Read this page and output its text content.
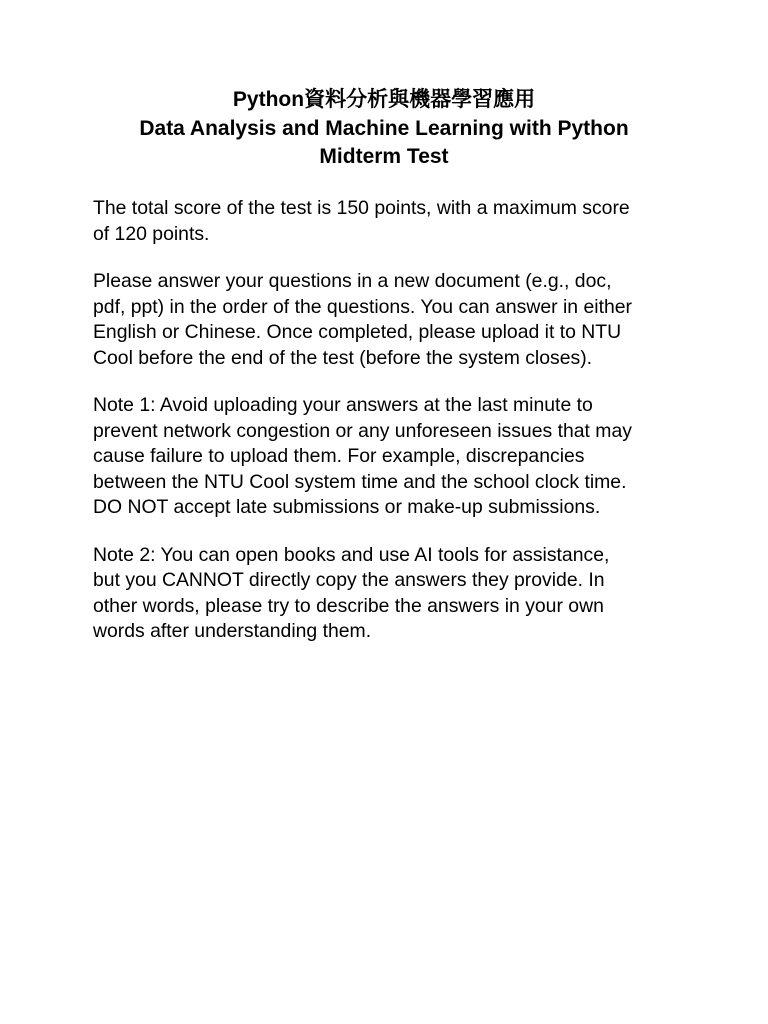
Python資料分析與機器學習應用
Data Analysis and Machine Learning with Python
Midterm Test

The total score of the test is 150 points, with a maximum score
of 120 points.

Please answer your questions in a new document (e.g., doc,
pdf, ppt) in the order of the questions. You can answer in either
English or Chinese. Once completed, please upload it to NTU
Cool before the end of the test (before the system closes).

Note 1: Avoid uploading your answers at the last minute to
prevent network congestion or any unforeseen issues that may
cause failure to upload them. For example, discrepancies
between the NTU Cool system time and the school clock time.
DO NOT accept late submissions or make-up submissions.

Note 2: You can open books and use AI tools for assistance,
but you CANNOT directly copy the answers they provide. In
other words, please try to describe the answers in your own
words after understanding them.
